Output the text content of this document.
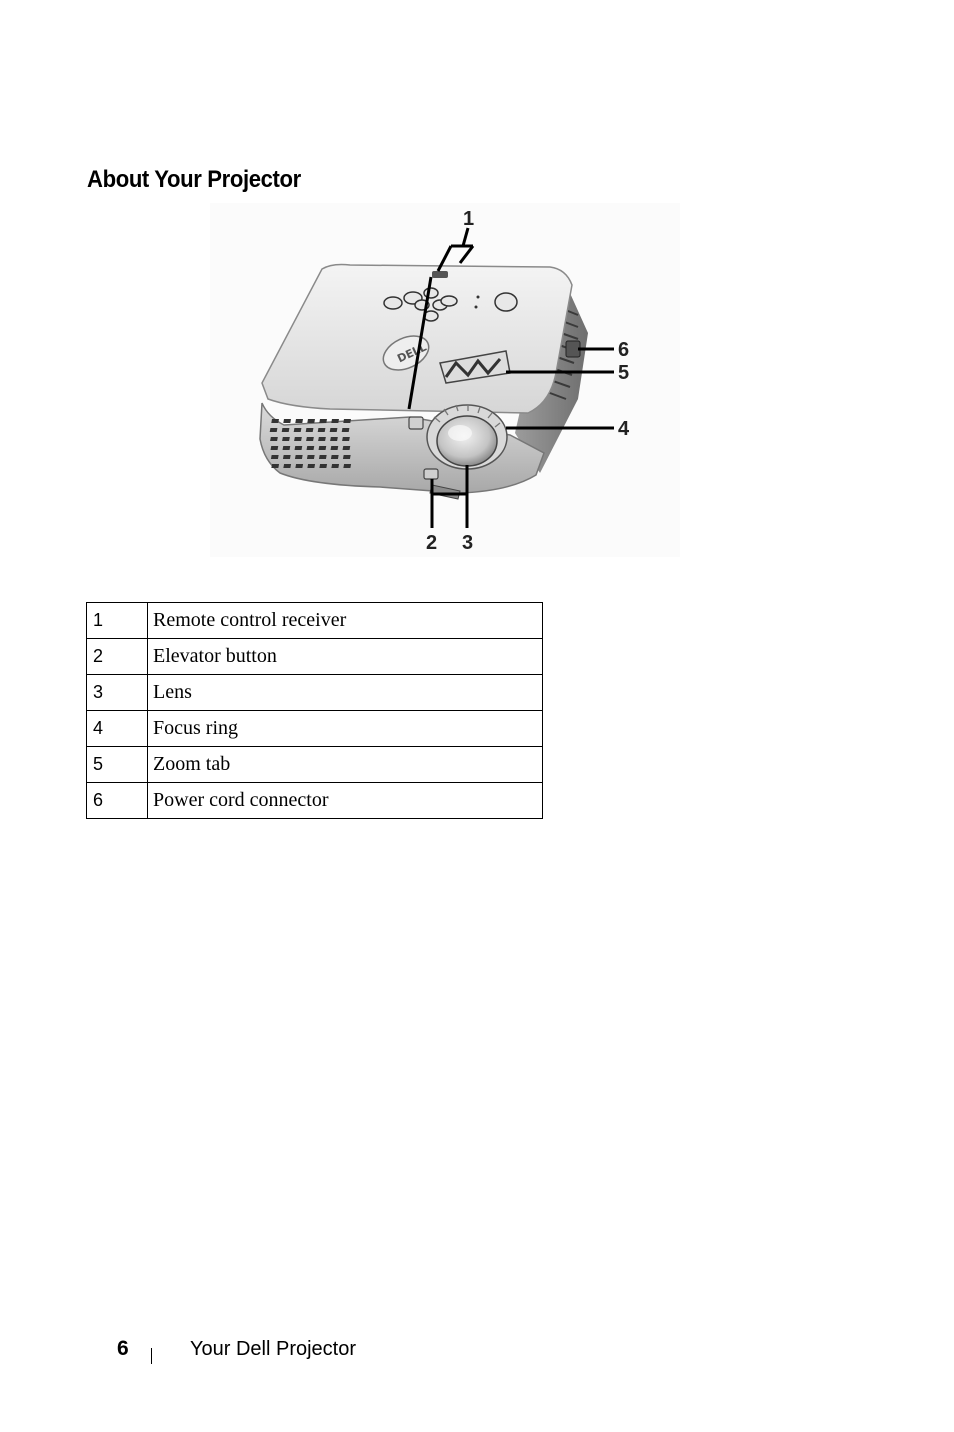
About Your Projector
DELL
1
2 3
4
5
6
1	Remote control receiver
2	Elevator button
3	Lens
4	Focus ring
5	Zoom tab
6	Power cord connector
6	Your Dell Projector
